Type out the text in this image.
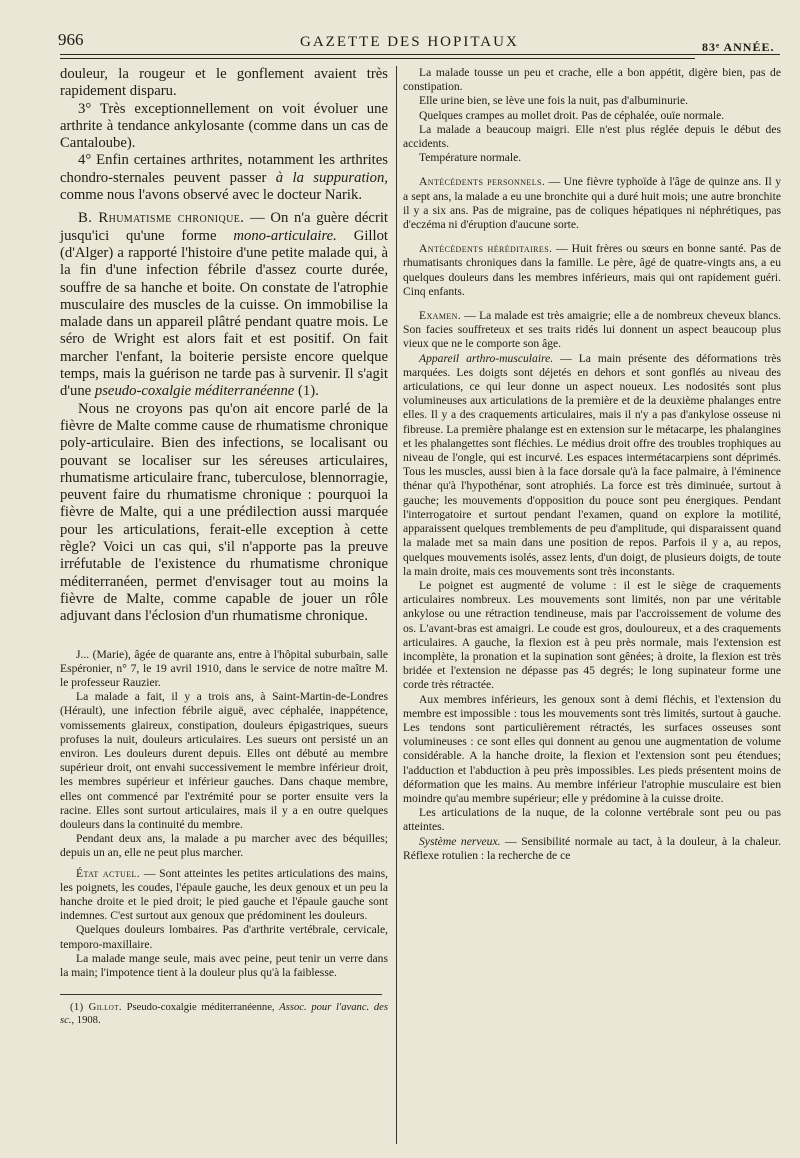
966	GAZETTE DES HOPITAUX	83ᵉ ANNÉE.

douleur, la rougeur et le gonflement avaient très rapidement disparu.

3° Très exceptionnellement on voit évoluer une arthrite à tendance ankylosante (comme dans un cas de Cantaloube).

4° Enfin certaines arthrites, notamment les arthrites chondro-sternales peuvent passer à la suppuration, comme nous l'avons observé avec le docteur Narik.

B. Rhumatisme chronique. — On n'a guère décrit jusqu'ici qu'une forme mono-articulaire. Gillot (d'Alger) a rapporté l'histoire d'une petite malade qui, à la fin d'une infection fébrile d'assez courte durée, souffre de sa hanche et boite. On constate de l'atrophie musculaire des muscles de la cuisse. On immobilise la malade dans un appareil plâtré pendant quatre mois. Le séro de Wright est alors fait et est positif. On fait marcher l'enfant, la boiterie persiste encore quelque temps, mais la guérison ne tarde pas à survenir. Il s'agit d'une pseudo-coxalgie méditerranéenne (1).

Nous ne croyons pas qu'on ait encore parlé de la fièvre de Malte comme cause de rhumatisme chronique poly-articulaire. Bien des infections, se localisant ou pouvant se localiser sur les séreuses articulaires, rhumatisme articulaire franc, tuberculose, blennorragie, peuvent faire du rhumatisme chronique : pourquoi la fièvre de Malte, qui a une prédilection aussi marquée pour les articulations, ferait-elle exception à cette règle? Voici un cas qui, s'il n'apporte pas la preuve irréfutable de l'existence du rhumatisme chronique méditerranéen, permet d'envisager tout au moins la fièvre de Malte, comme capable de jouer un rôle adjuvant dans l'éclosion d'un rhumatisme chronique.

J... (Marie), âgée de quarante ans, entre à l'hôpital suburbain, salle Espéronier, n° 7, le 19 avril 1910, dans le service de notre maître M. le professeur Rauzier.

La malade a fait, il y a trois ans, à Saint-Martin-de-Londres (Hérault), une infection fébrile aiguë, avec céphalée, inappétence, vomissements glaireux, constipation, douleurs épigastriques, sueurs profuses la nuit, douleurs articulaires. Les sueurs ont persisté un an environ. Les douleurs durent depuis. Elles ont débuté au membre supérieur droit, ont envahi successivement le membre inférieur droit, les membres supérieur et inférieur gauches. Dans chaque membre, elles ont commencé par l'extrémité pour se porter ensuite vers la racine. Elles sont surtout articulaires, mais il y a en outre quelques douleurs dans la continuité du membre.

Pendant deux ans, la malade a pu marcher avec des béquilles; depuis un an, elle ne peut plus marcher.

État actuel. — Sont atteintes les petites articulations des mains, les poignets, les coudes, l'épaule gauche, les deux genoux et un peu la hanche droite et le pied droit; le pied gauche et l'épaule gauche sont indemnes. C'est surtout aux genoux que prédominent les douleurs.

Quelques douleurs lombaires. Pas d'arthrite vertébrale, cervicale, temporo-maxillaire.

La malade mange seule, mais avec peine, peut tenir un verre dans la main; l'impotence tient à la douleur plus qu'à la faiblesse.

(1) Gillot. Pseudo-coxalgie méditerranéenne, Assoc. pour l'avanc. des sc., 1908.

La malade tousse un peu et crache, elle a bon appétit, digère bien, pas de constipation.

Elle urine bien, se lève une fois la nuit, pas d'albuminurie.

Quelques crampes au mollet droit. Pas de céphalée, ouïe normale.

La malade a beaucoup maigri. Elle n'est plus réglée depuis le début des accidents.

Température normale.

Antécédents personnels. — Une fièvre typhoïde à l'âge de quinze ans. Il y a sept ans, la malade a eu une bronchite qui a duré huit mois; une autre bronchite il y a six ans. Pas de migraine, pas de coliques hépatiques ni néphrétiques, pas d'eczéma ni d'éruption d'aucune sorte.

Antécédents héréditaires. — Huit frères ou sœurs en bonne santé. Pas de rhumatisants chroniques dans la famille. Le père, âgé de quatre-vingts ans, a eu quelques douleurs dans les membres inférieurs, mais qui ont rapidement guéri. Cinq enfants.

Examen. — La malade est très amaigrie; elle a de nombreux cheveux blancs. Son facies souffreteux et ses traits ridés lui donnent un aspect beaucoup plus vieux que ne le comporte son âge.

Appareil arthro-musculaire. — La main présente des déformations très marquées. Les doigts sont déjetés en dehors et sont gonflés au niveau des articulations, ce qui leur donne un aspect noueux. Les nodosités sont plus volumineuses aux articulations de la première et de la deuxième phalanges entre elles. Il y a des craquements articulaires, mais il n'y a pas d'ankylose osseuse ni fibreuse. La première phalange est en extension sur le métacarpe, les phalangines et les phalangettes sont fléchies. Le médius droit offre des troubles trophiques au niveau de l'ongle, qui est incurvé. Les espaces intermétacarpiens sont déprimés. Tous les muscles, aussi bien à la face dorsale qu'à la face palmaire, à l'éminence thénar qu'à l'hypothénar, sont atrophiés. La force est très diminuée, surtout à gauche; les mouvements d'opposition du pouce sont peu énergiques. Pendant l'interrogatoire et surtout pendant l'examen, quand on explore la motilité, apparaissent quelques tremblements de peu d'amplitude, qui disparaissent quand la malade met sa main dans une position de repos. Parfois il y a, au repos, quelques mouvements isolés, assez lents, d'un doigt, de plusieurs doigts, de toute la main droite, mais ces mouvements sont très inconstants.

Le poignet est augmenté de volume : il est le siège de craquements articulaires nombreux. Les mouvements sont limités, non par une véritable ankylose ou une rétraction tendineuse, mais par l'accroissement de volume des os. L'avant-bras est amaigri. Le coude est gros, douloureux, et a des craquements articulaires. A gauche, la flexion est à peu près normale, mais l'extension est incomplète, la pronation et la supination sont gênées; à droite, la flexion est très bridée et l'extension ne dépasse pas 45 degrés; le long supinateur forme une corde très rétractée.

Aux membres inférieurs, les genoux sont à demi fléchis, et l'extension du membre est impossible : tous les mouvements sont très limités, surtout à gauche. Les tendons sont particulièrement rétractés, les surfaces osseuses sont volumineuses : ce sont elles qui donnent au genou une augmentation de volume considérable. A la hanche droite, la flexion et l'extension sont peu étendues; l'adduction et l'abduction à peu près impossibles. Les pieds présentent moins de déformation que les mains. Au membre inférieur l'atrophie musculaire est bien moindre qu'au membre supérieur; elle y prédomine à la cuisse droite.

Les articulations de la nuque, de la colonne vertébrale sont peu ou pas atteintes.

Système nerveux. — Sensibilité normale au tact, à la douleur, à la chaleur. Réflexe rotulien : la recherche de ce
